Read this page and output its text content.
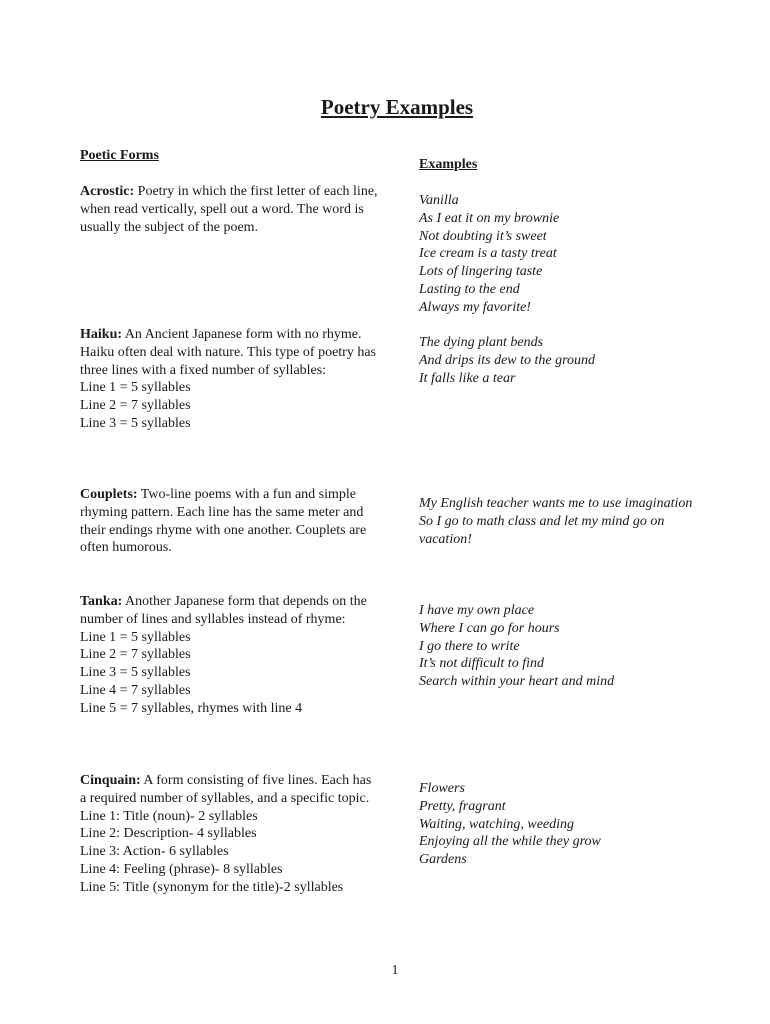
Poetry Examples
Poetic Forms
Examples
Acrostic: Poetry in which the first letter of each line, when read vertically, spell out a word. The word is usually the subject of the poem.
Vanilla
As I eat it on my brownie
Not doubting it’s sweet
Ice cream is a tasty treat
Lots of lingering taste
Lasting to the end
Always my favorite!
Haiku: An Ancient Japanese form with no rhyme. Haiku often deal with nature. This type of poetry has three lines with a fixed number of syllables:
Line 1 = 5 syllables
Line 2 = 7 syllables
Line 3 = 5 syllables
The dying plant bends
And drips its dew to the ground
It falls like a tear
Couplets: Two-line poems with a fun and simple rhyming pattern. Each line has the same meter and their endings rhyme with one another. Couplets are often humorous.
My English teacher wants me to use imagination
So I go to math class and let my mind go on vacation!
Tanka: Another Japanese form that depends on the number of lines and syllables instead of rhyme:
Line 1 = 5 syllables
Line 2 = 7 syllables
Line 3 = 5 syllables
Line 4 = 7 syllables
Line 5 = 7 syllables, rhymes with line 4
I have my own place
Where I can go for hours
I go there to write
It’s not difficult to find
Search within your heart and mind
Cinquain: A form consisting of five lines. Each has a required number of syllables, and a specific topic.
Line 1: Title (noun)- 2 syllables
Line 2: Description- 4 syllables
Line 3: Action- 6 syllables
Line 4: Feeling (phrase)- 8 syllables
Line 5: Title (synonym for the title)-2 syllables
Flowers
Pretty, fragrant
Waiting, watching, weeding
Enjoying all the while they grow
Gardens
1
